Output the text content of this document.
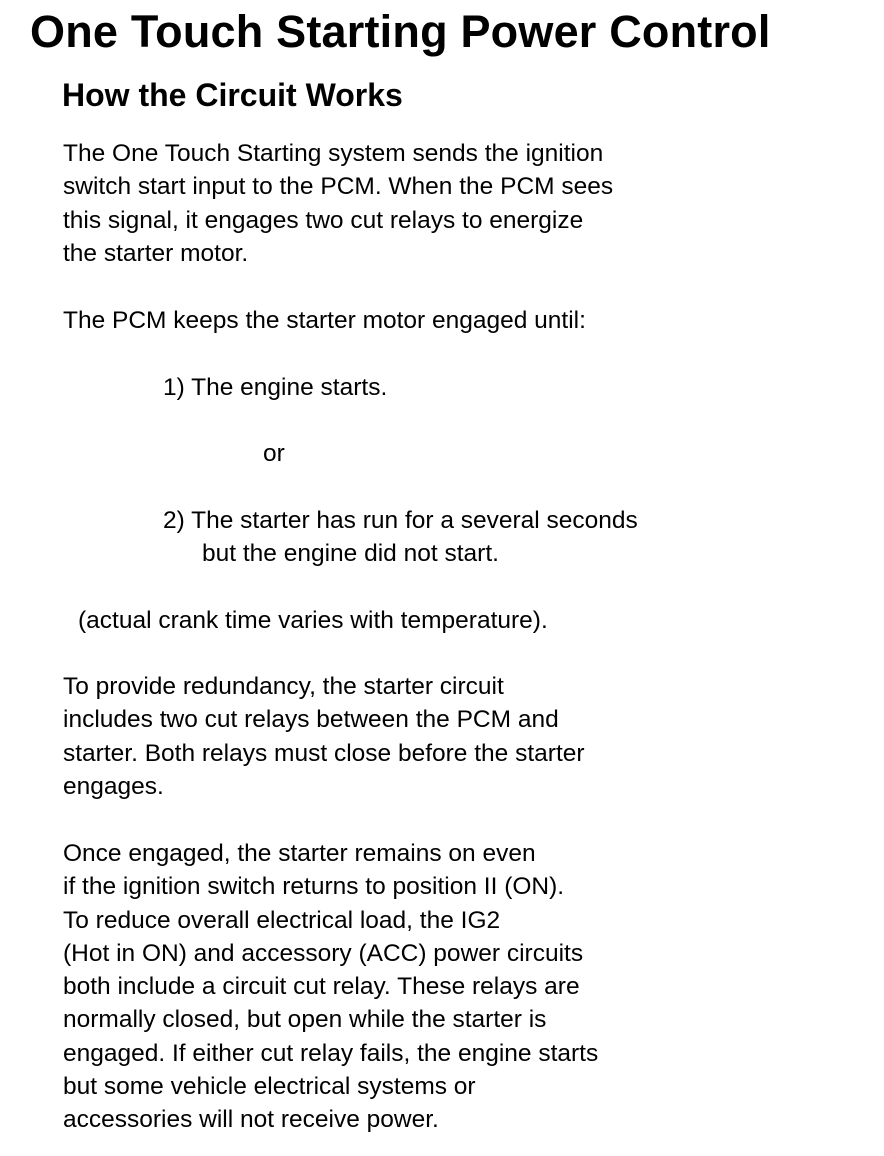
One Touch Starting Power Control
How the Circuit Works
The One Touch Starting system sends the ignition
switch start input to the PCM. When the PCM sees
this signal, it engages two cut relays to energize
the starter motor.
The PCM keeps the starter motor engaged until:
1) The engine starts.
or
2) The starter has run for a several seconds
but the engine did not start.
(actual crank time varies with temperature).
To provide redundancy, the starter circuit
includes two cut relays between the PCM and
starter. Both relays must close before the starter
engages.
Once engaged, the starter remains on even
if the ignition switch returns to position II (ON).
To reduce overall electrical load, the IG2
(Hot in ON) and accessory (ACC) power circuits
both include a circuit cut relay. These relays are
normally closed, but open while the starter is
engaged. If either cut relay fails, the engine starts
but some vehicle electrical systems or
accessories will not receive power.
